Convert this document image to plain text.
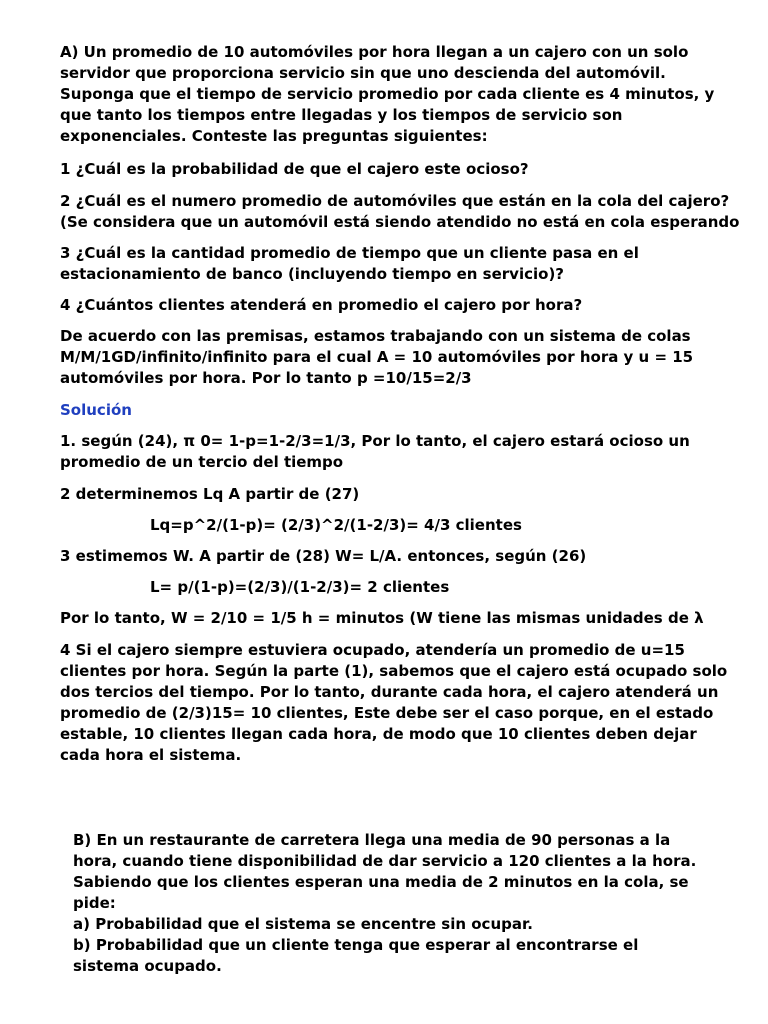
A) Un promedio de 10 automóviles por hora llegan a un cajero con un solo
servidor que proporciona servicio sin que uno descienda del automóvil.
Suponga que el tiempo de servicio promedio por cada cliente es 4 minutos, y
que tanto los tiempos entre llegadas y los tiempos de servicio son
exponenciales. Conteste las preguntas siguientes:

1 ¿Cuál es la probabilidad de que el cajero este ocioso?

2 ¿Cuál es el numero promedio de automóviles que están en la cola del cajero?
(Se considera que un automóvil está siendo atendido no está en cola esperando

3 ¿Cuál es la cantidad promedio de tiempo que un cliente pasa en el
estacionamiento de banco (incluyendo tiempo en servicio)?

4 ¿Cuántos clientes atenderá en promedio el cajero por hora?

De acuerdo con las premisas, estamos trabajando con un sistema de colas
M/M/1GD/infinito/infinito para el cual A = 10 automóviles por hora y u = 15
automóviles por hora. Por lo tanto p =10/15=2/3

Solución

1. según (24), π 0= 1-p=1-2/3=1/3, Por lo tanto, el cajero estará ocioso un
promedio de un tercio del tiempo

2 determinemos Lq A partir de (27)

Lq=p^2/(1-p)= (2/3)^2/(1-2/3)= 4/3 clientes

3 estimemos W. A partir de (28) W= L/A. entonces, según (26)

L= p/(1-p)=(2/3)/(1-2/3)= 2 clientes

Por lo tanto, W = 2/10 = 1/5 h = minutos (W tiene las mismas unidades de λ

4 Si el cajero siempre estuviera ocupado, atendería un promedio de u=15
clientes por hora. Según la parte (1), sabemos que el cajero está ocupado solo
dos tercios del tiempo. Por lo tanto, durante cada hora, el cajero atenderá un
promedio de (2/3)15= 10 clientes, Este debe ser el caso porque, en el estado
estable, 10 clientes llegan cada hora, de modo que 10 clientes deben dejar
cada hora el sistema.

B) En un restaurante de carretera llega una media de 90 personas a la
hora, cuando tiene disponibilidad de dar servicio a 120 clientes a la hora.
Sabiendo que los clientes esperan una media de 2 minutos en la cola, se
pide:

a) Probabilidad que el sistema se encentre sin ocupar.

b) Probabilidad que un cliente tenga que esperar al encontrarse el
sistema ocupado.
